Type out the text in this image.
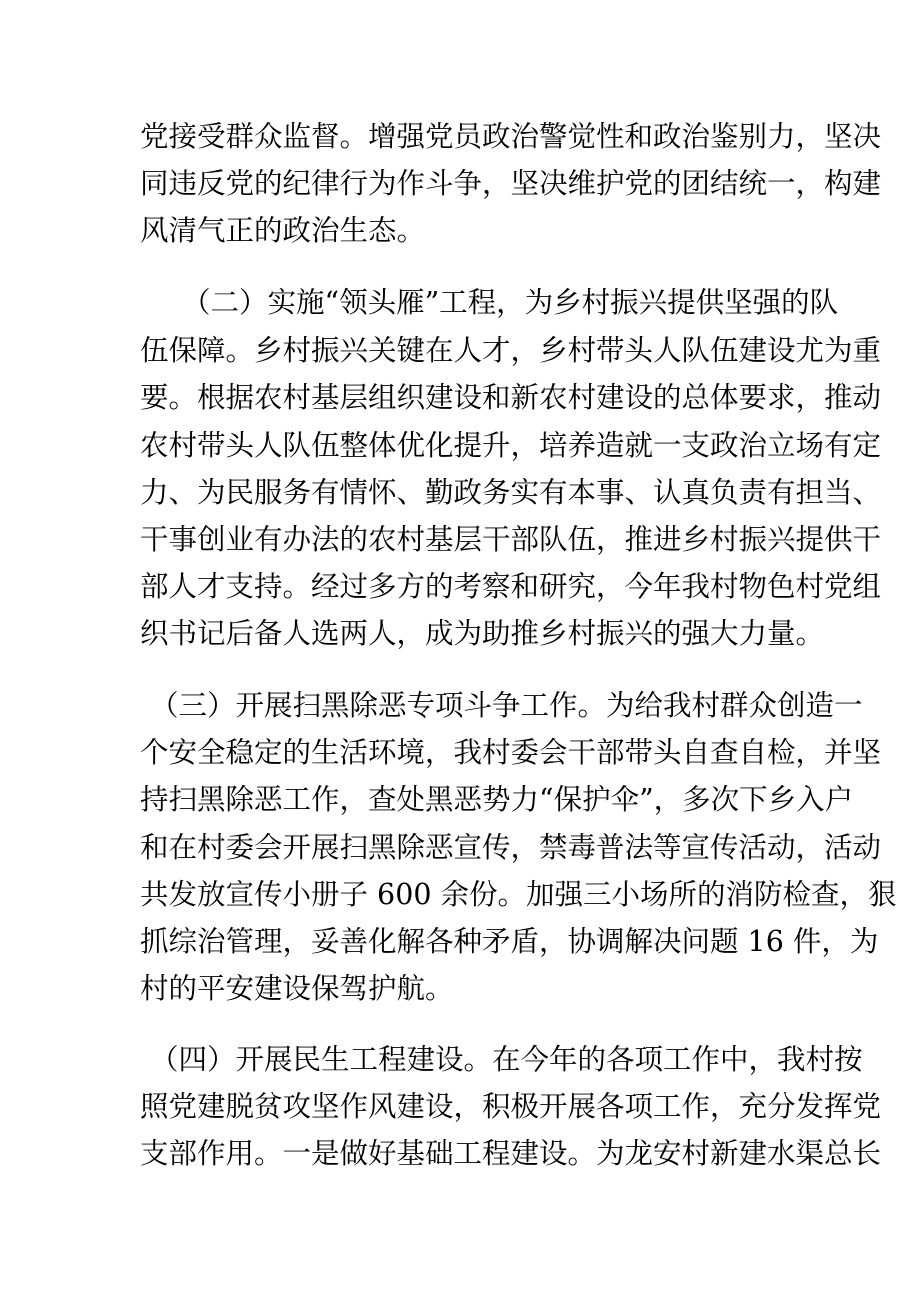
党接受群众监督。增强党员政治警觉性和政治鉴别力，坚决
同违反党的纪律行为作斗争，坚决维护党的团结统一，构建
风清气正的政治生态。
（二）实施“领头雁”工程，为乡村振兴提供坚强的队
伍保障。乡村振兴关键在人才，乡村带头人队伍建设尤为重
要。根据农村基层组织建设和新农村建设的总体要求，推动
农村带头人队伍整体优化提升，培养造就一支政治立场有定
力、为民服务有情怀、勤政务实有本事、认真负责有担当、
干事创业有办法的农村基层干部队伍，推进乡村振兴提供干
部人才支持。经过多方的考察和研究，今年我村物色村党组
织书记后备人选两人，成为助推乡村振兴的强大力量。
（三）开展扫黑除恶专项斗争工作。为给我村群众创造一
个安全稳定的生活环境，我村委会干部带头自查自检，并坚
持扫黑除恶工作，查处黑恶势力“保护伞”，多次下乡入户
和在村委会开展扫黑除恶宣传，禁毒普法等宣传活动，活动
共发放宣传小册子 600 余份。加强三小场所的消防检查，狠
抓综治管理，妥善化解各种矛盾，协调解决问题 16 件，为
村的平安建设保驾护航。
（四）开展民生工程建设。在今年的各项工作中，我村按
照党建脱贫攻坚作风建设，积极开展各项工作，充分发挥党
支部作用。一是做好基础工程建设。为龙安村新建水渠总长
